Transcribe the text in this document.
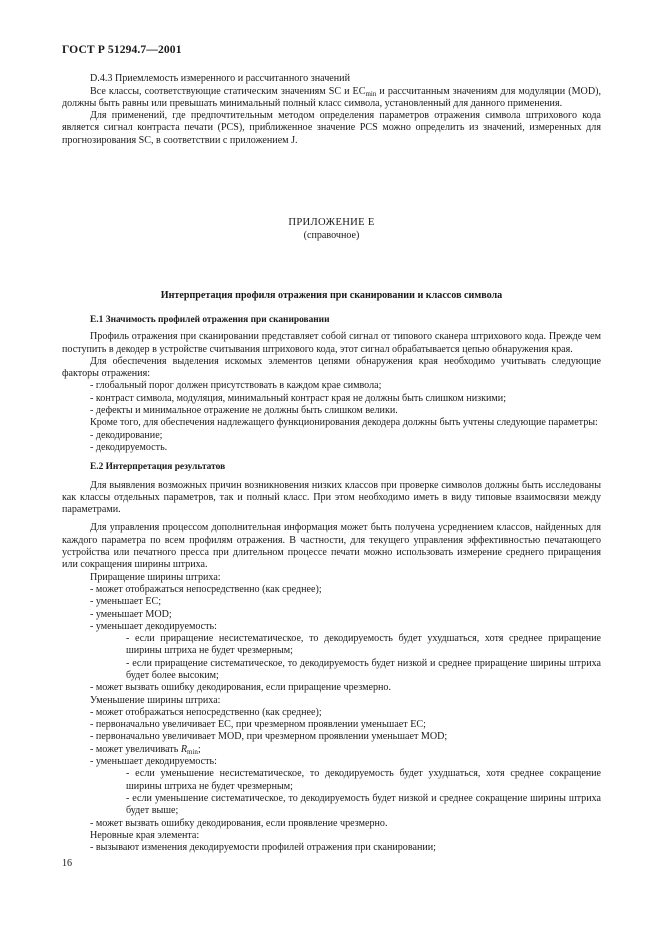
ГОСТ Р 51294.7—2001

D.4.3 Приемлемость измеренного и рассчитанного значений

Все классы, соответствующие статическим значениям SC и $EC_{min}$ и рассчитанным значениям для модуляции (MOD), должны быть равны или превышать минимальный полный класс символа, установленный для данного применения.

Для применений, где предпочтительным методом определения параметров отражения символа штрихового кода является сигнал контраста печати (PCS), приближенное значение PCS можно определить из значений, измеренных для прогнозирования SC, в соответствии с приложением J.

ПРИЛОЖЕНИЕ Е
(справочное)
Интерпретация профиля отражения при сканировании и классов символа
Е.1 Значимость профилей отражения при сканировании

Профиль отражения при сканировании представляет собой сигнал от типового сканера штрихового кода. Прежде чем поступить в декодер в устройстве считывания штрихового кода, этот сигнал обрабатывается цепью обнаружения края.

Для обеспечения выделения искомых элементов цепями обнаружения края необходимо учитывать следующие факторы отражения:

- глобальный порог должен присутствовать в каждом крае символа;

- контраст символа, модуляция, минимальный контраст края не должны быть слишком низкими;

- дефекты и минимальное отражение не должны быть слишком велики.

Кроме того, для обеспечения надлежащего функционирования декодера должны быть учтены следующие параметры:

- декодирование;

- декодируемость.

Е.2 Интерпретация результатов

Для выявления возможных причин возникновения низких классов при проверке символов должны быть исследованы как классы отдельных параметров, так и полный класс. При этом необходимо иметь в виду типовые взаимосвязи между параметрами.

Для управления процессом дополнительная информация может быть получена усреднением классов, найденных для каждого параметра по всем профилям отражения. В частности, для текущего управления эффективностью печатающего устройства или печатного пресса при длительном процессе печати можно использовать измерение среднего приращения или сокращения ширины штриха.

Приращение ширины штриха:

- может отображаться непосредственно (как среднее);

- уменьшает ЕС;

- уменьшает MOD;

- уменьшает декодируемость:

- если приращение несистематическое, то декодируемость будет ухудшаться, хотя среднее приращение ширины штриха не будет чрезмерным;

- если приращение систематическое, то декодируемость будет низкой и среднее приращение ширины штриха будет более высоким;

- может вызвать ошибку декодирования, если приращение чрезмерно.

Уменьшение ширины штриха:

- может отображаться непосредственно (как среднее);

- первоначально увеличивает ЕС, при чрезмерном проявлении уменьшает ЕС;

- первоначально увеличивает MOD, при чрезмерном проявлении уменьшает MOD;

- может увеличивать $R_{min}$;

- уменьшает декодируемость:

- если уменьшение несистематическое, то декодируемость будет ухудшаться, хотя среднее сокращение ширины штриха не будет чрезмерным;

- если уменьшение систематическое, то декодируемость будет низкой и среднее сокращение ширины штриха будет выше;

- может вызвать ошибку декодирования, если проявление чрезмерно.

Неровные края элемента:

- вызывают изменения декодируемости профилей отражения при сканировании;

16
